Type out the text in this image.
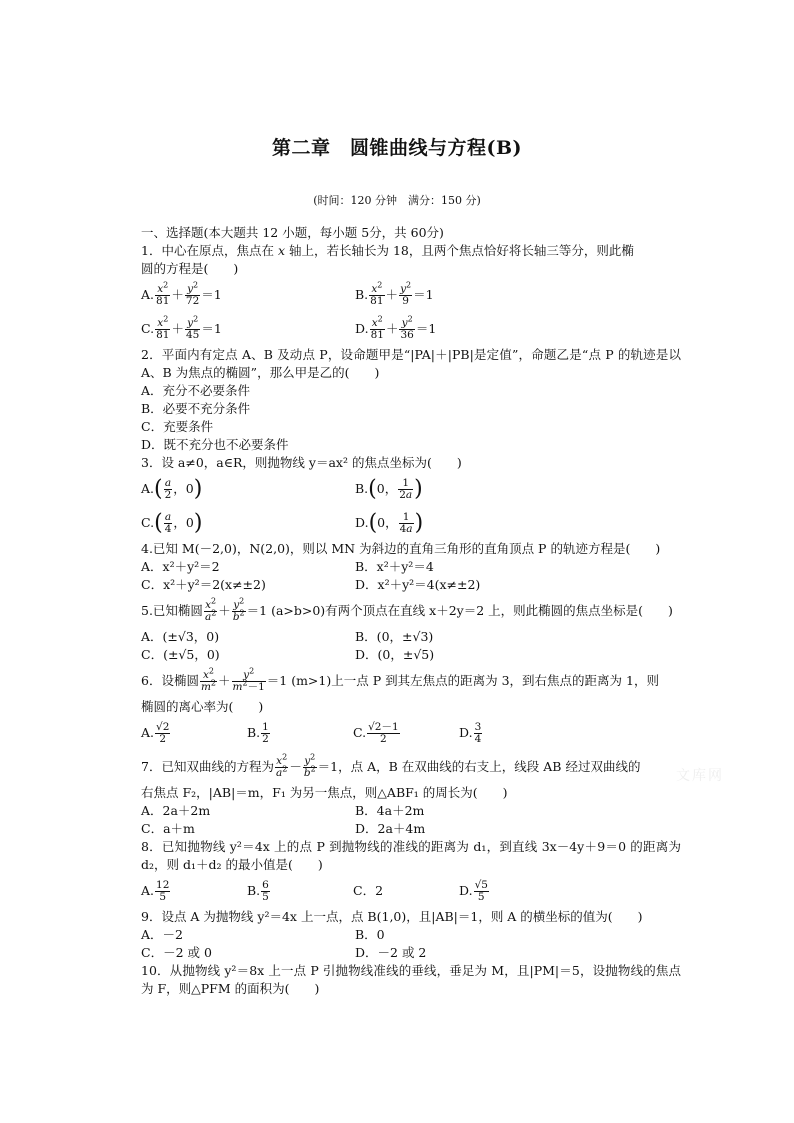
第二章　圆锥曲线与方程(B)
(时间：120 分钟　满分：150 分)

一、选择题(本大题共 12 小题，每小题 5分，共 60分)

1．中心在原点，焦点在 x 轴上，若长轴长为 18，且两个焦点恰好将长轴三等分，则此椭

圆的方程是(　　)

A. $\frac{x^2}{81} + \frac{y^2}{72} =1$	B. $\frac{x^2}{81} + \frac{y^2}{9} =1$
C. $\frac{x^2}{81} + \frac{y^2}{45} =1$	D. $\frac{x^2}{81} + \frac{y^2}{36} =1$

2．平面内有定点 A、B 及动点 P，设命题甲是“|PA|＋|PB|是定值”，命题乙是“点 P 的轨迹是以 A、B 为焦点的椭圆”，那么甲是乙的(　　)

A．充分不必要条件

B．必要不充分条件

C．充要条件

D．既不充分也不必要条件

3．设 a≠0，a∈R，则抛物线 y＝ax² 的焦点坐标为(　　)

$A.( \frac{a}{2}$ ，0)	B.(0， $\frac{1}{2a}$ )
$C.( \frac{a}{4}$ ，0)	D.(0， $\frac{1}{4a}$ )

4.已知 M(－2,0)，N(2,0)，则以 MN 为斜边的直角三角形的直角顶点 P 的轨迹方程是(　　)

A．x²＋y²＝2	B．x²＋y²＝4
C．x²＋y²＝2(x≠±2)	D．x²＋y²＝4(x≠±2)

5.已知椭圆 $\frac{x^2}{a^2} + \frac{y^2}{b^2} =1$ (a>b>0)有两个顶点在直线 x＋2y＝2 上，则此椭圆的焦点坐标是(　　)

A．(±√3，0)	B．(0，±√3)
C．(±√5，0)	D．(0，±√5)

6．设椭圆 $\frac{x^2}{m^2} + \frac{y^2}{m^2-1} =1$ (m>1)上一点 P 到其左焦点的距离为 3，到右焦点的距离为 1，则

椭圆的离心率为(　　)

A. $\frac{√2}{2}$	B. $\frac{1}{2}$	C. $\frac{√2-1}{2}$	D. $\frac{3}{4}$

7．已知双曲线的方程为 $\frac{x^2}{a^2} - \frac{y^2}{b^2} =1$，点 A，B 在双曲线的右支上，线段 AB 经过双曲线的

右焦点 F₂，|AB|＝m，F₁ 为另一焦点，则△ABF₁ 的周长为(　　)

A．2a＋2m	B．4a＋2m
C．a＋m	D．2a＋4m

8．已知抛物线 y²＝4x 上的点 P 到抛物线的准线的距离为 d₁，到直线 3x－4y＋9＝0 的距离为 d₂，则 d₁＋d₂ 的最小值是(　　)

A. $\frac{12}{5}$	B. $\frac{6}{5}$	C．2	D. $\frac{√5}{5}$

9．设点 A 为抛物线 y²＝4x 上一点，点 B(1,0)，且|AB|＝1，则 A 的横坐标的值为(　　)

A．－2	B．0
C．－2 或 0	D．－2 或 2

10．从抛物线 y²＝8x 上一点 P 引抛物线准线的垂线，垂足为 M，且|PM|＝5，设抛物线的焦点为 F，则△PFM 的面积为(　　)

文库网
